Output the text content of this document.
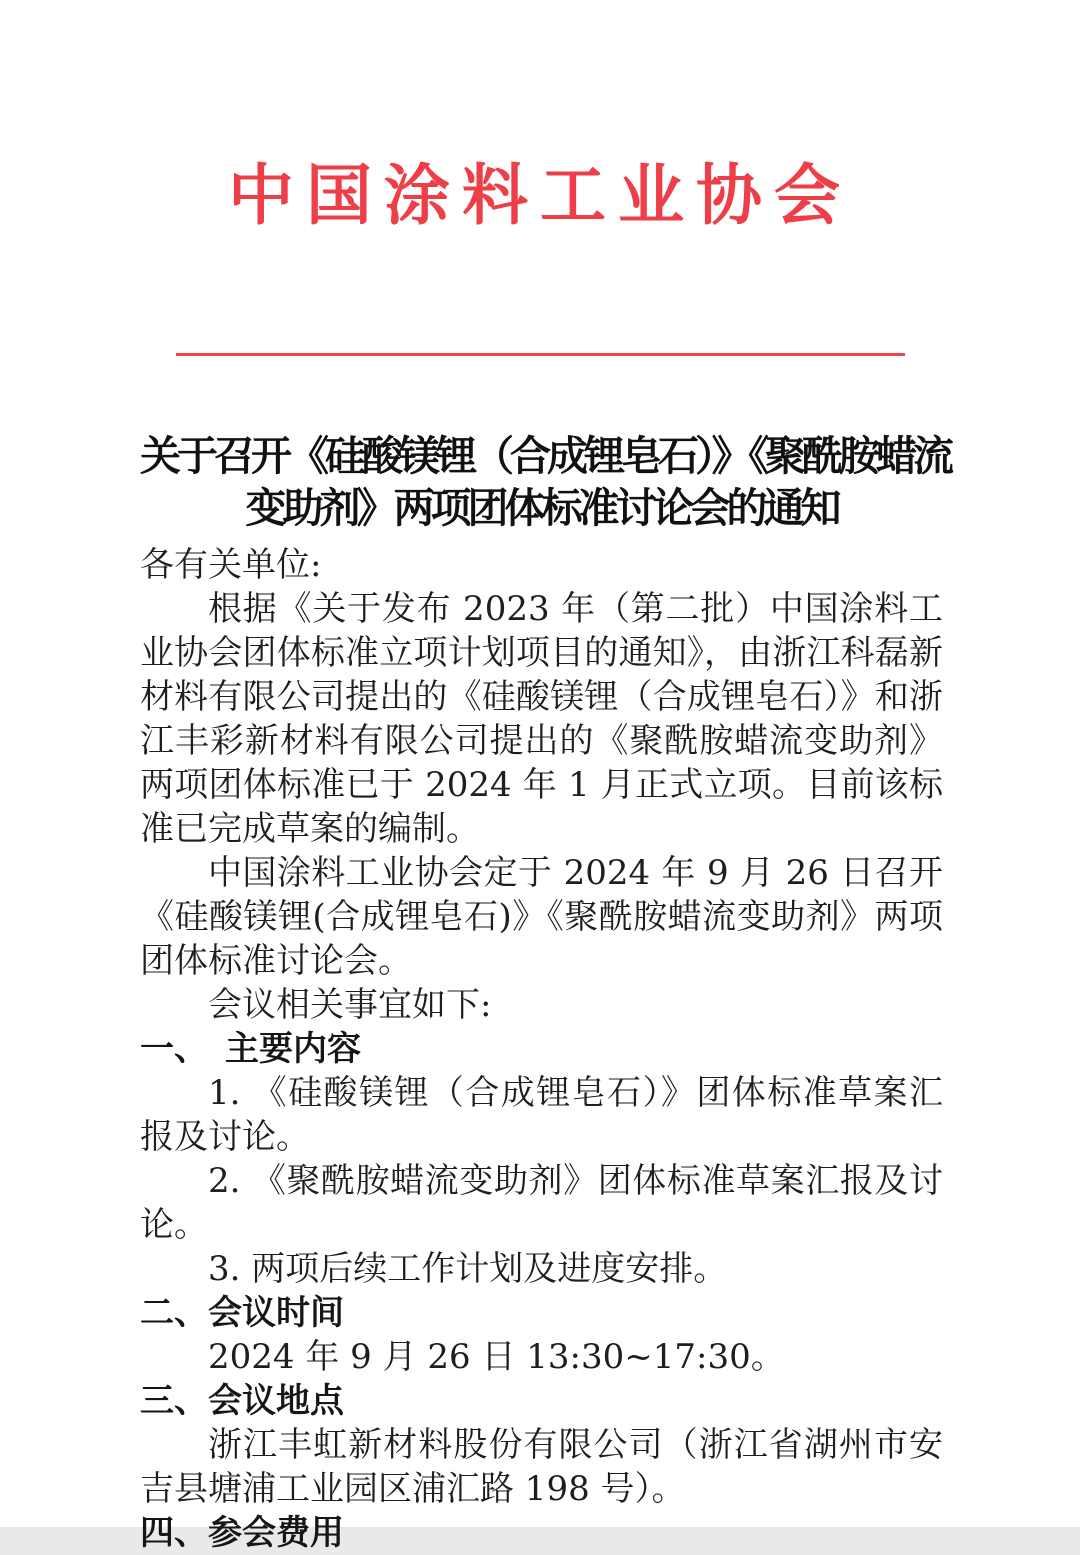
中国涂料工业协会
关于召开《硅酸镁锂（合成锂皂石）》《聚酰胺蜡流
变助剂》两项团体标准讨论会的通知
各有关单位:
根据《关于发布 2023 年（第二批）中国涂料工业协会团体标准立项计划项目的通知》，由浙江科磊新材料有限公司提出的《硅酸镁锂（合成锂皂石）》和浙江丰彩新材料有限公司提出的《聚酰胺蜡流变助剂》两项团体标准已于 2024 年 1 月正式立项。目前该标准已完成草案的编制。
中国涂料工业协会定于 2024 年 9 月 26 日召开《硅酸镁锂(合成锂皂石)》《聚酰胺蜡流变助剂》两项团体标准讨论会。
会议相关事宜如下:
一、　主要内容
1. 《硅酸镁锂（合成锂皂石）》团体标准草案汇报及讨论。
2. 《聚酰胺蜡流变助剂》团体标准草案汇报及讨论。
3. 两项后续工作计划及进度安排。
二、会议时间
2024 年 9 月 26 日 13:30~17:30。
三、会议地点
浙江丰虹新材料股份有限公司（浙江省湖州市安吉县塘浦工业园区浦汇路 198 号）。
四、参会费用
